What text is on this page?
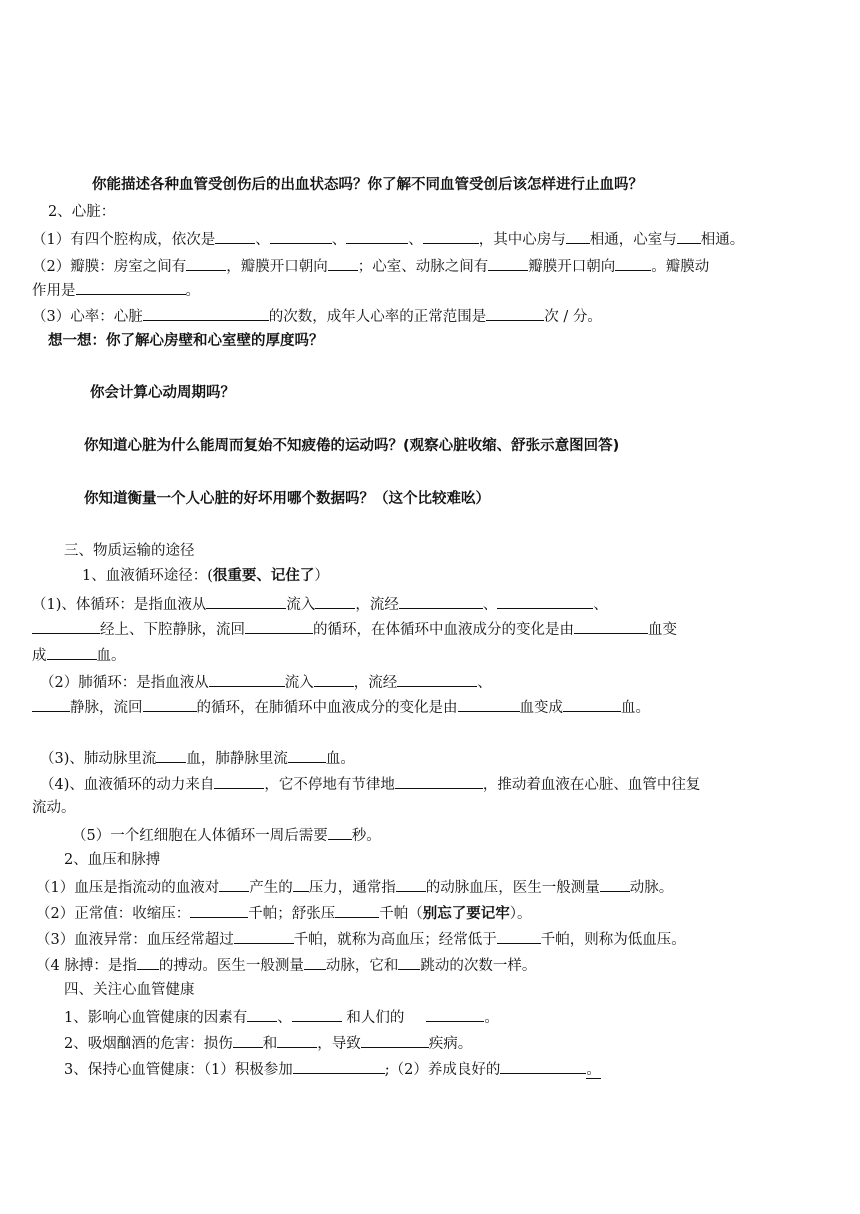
你能描述各种血管受创伤后的出血状态吗？你了解不同血管受创后该怎样进行止血吗？
2、心脏：
（1）有四个腔构成，依次是	、	、	、	，其中心房与 相通，心室与 相通。
（2）瓣膜：房室之间有	，瓣膜开口朝向 ；心室、动脉之间有	瓣膜开口朝向 。瓣膜动
作用是	。
（3）心率：心脏	的次数，成年人心率的正常范围是	次 / 分。
想一想：你了解心房壁和心室壁的厚度吗？
你会计算心动周期吗？
你知道心脏为什么能周而复始不知疲倦的运动吗？(观察心脏收缩、舒张示意图回答)
你知道衡量一个人心脏的好坏用哪个数据吗？（这个比较难吆）
三、物质运输的途径
1、血液循环途径：(很重要、记住了）
（1)、体循环：是指血液从	流入	，流经	、	、
经上、下腔静脉，流回	的循环，在体循环中血液成分的变化是由	血变
成	血。
（2）肺循环：是指血液从	流入	，流经	、
静脉，流回	的循环，在肺循环中血液成分的变化是由	血变成	血。
（3)、肺动脉里流 血，肺静脉里流	血。
（4)、血液循环的动力来自	，它不停地有节律地	，推动着血液在心脏、血管中往复
流动。
（5）一个红细胞在人体循环一周后需要 秒。
2、血压和脉搏
（1）血压是指流动的血液对 产生的 压力，通常指 的动脉血压，医生一般测量 动脉。
（2）正常值：收缩压：	千帕；舒张压	千帕（别忘了要记牢）。
（3）血液异常：血压经常超过	千帕，就称为高血压；经常低于	千帕，则称为低血压。
（4 脉搏：是指 的搏动。医生一般测量 动脉，它和 跳动的次数一样。
四、关注心血管健康
1、影响心血管健康的因素有 、	和人们的	。
2、吸烟酗酒的危害：损伤 和	，导致	疾病。
3、保持心血管健康：（1）积极参加	;（2）养成良好的	。
